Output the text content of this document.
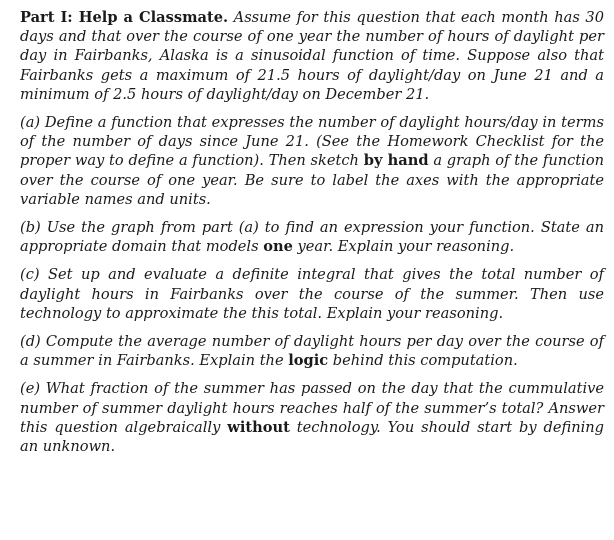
Part I: Help a Classmate. Assume for this question that each month has 30 days and that over the course of one year the number of hours of daylight per day in Fairbanks, Alaska is a sinusoidal function of time. Suppose also that Fairbanks gets a maximum of 21.5 hours of daylight/day on June 21 and a minimum of 2.5 hours of daylight/day on December 21.

(a) Define a function that expresses the number of daylight hours/day in terms of the number of days since June 21. (See the Homework Checklist for the proper way to define a function). Then sketch by hand a graph of the function over the course of one year. Be sure to label the axes with the appropriate variable names and units.

(b) Use the graph from part (a) to find an expression your function. State an appropriate domain that models one year. Explain your reasoning.

(c) Set up and evaluate a definite integral that gives the total number of daylight hours in Fairbanks over the course of the summer. Then use technology to approximate the this total. Explain your reasoning.

(d) Compute the average number of daylight hours per day over the course of a summer in Fairbanks. Explain the logic behind this computation.

(e) What fraction of the summer has passed on the day that the cummulative number of summer daylight hours reaches half of the summer’s total? Answer this question algebraically without technology. You should start by defining an unknown.
